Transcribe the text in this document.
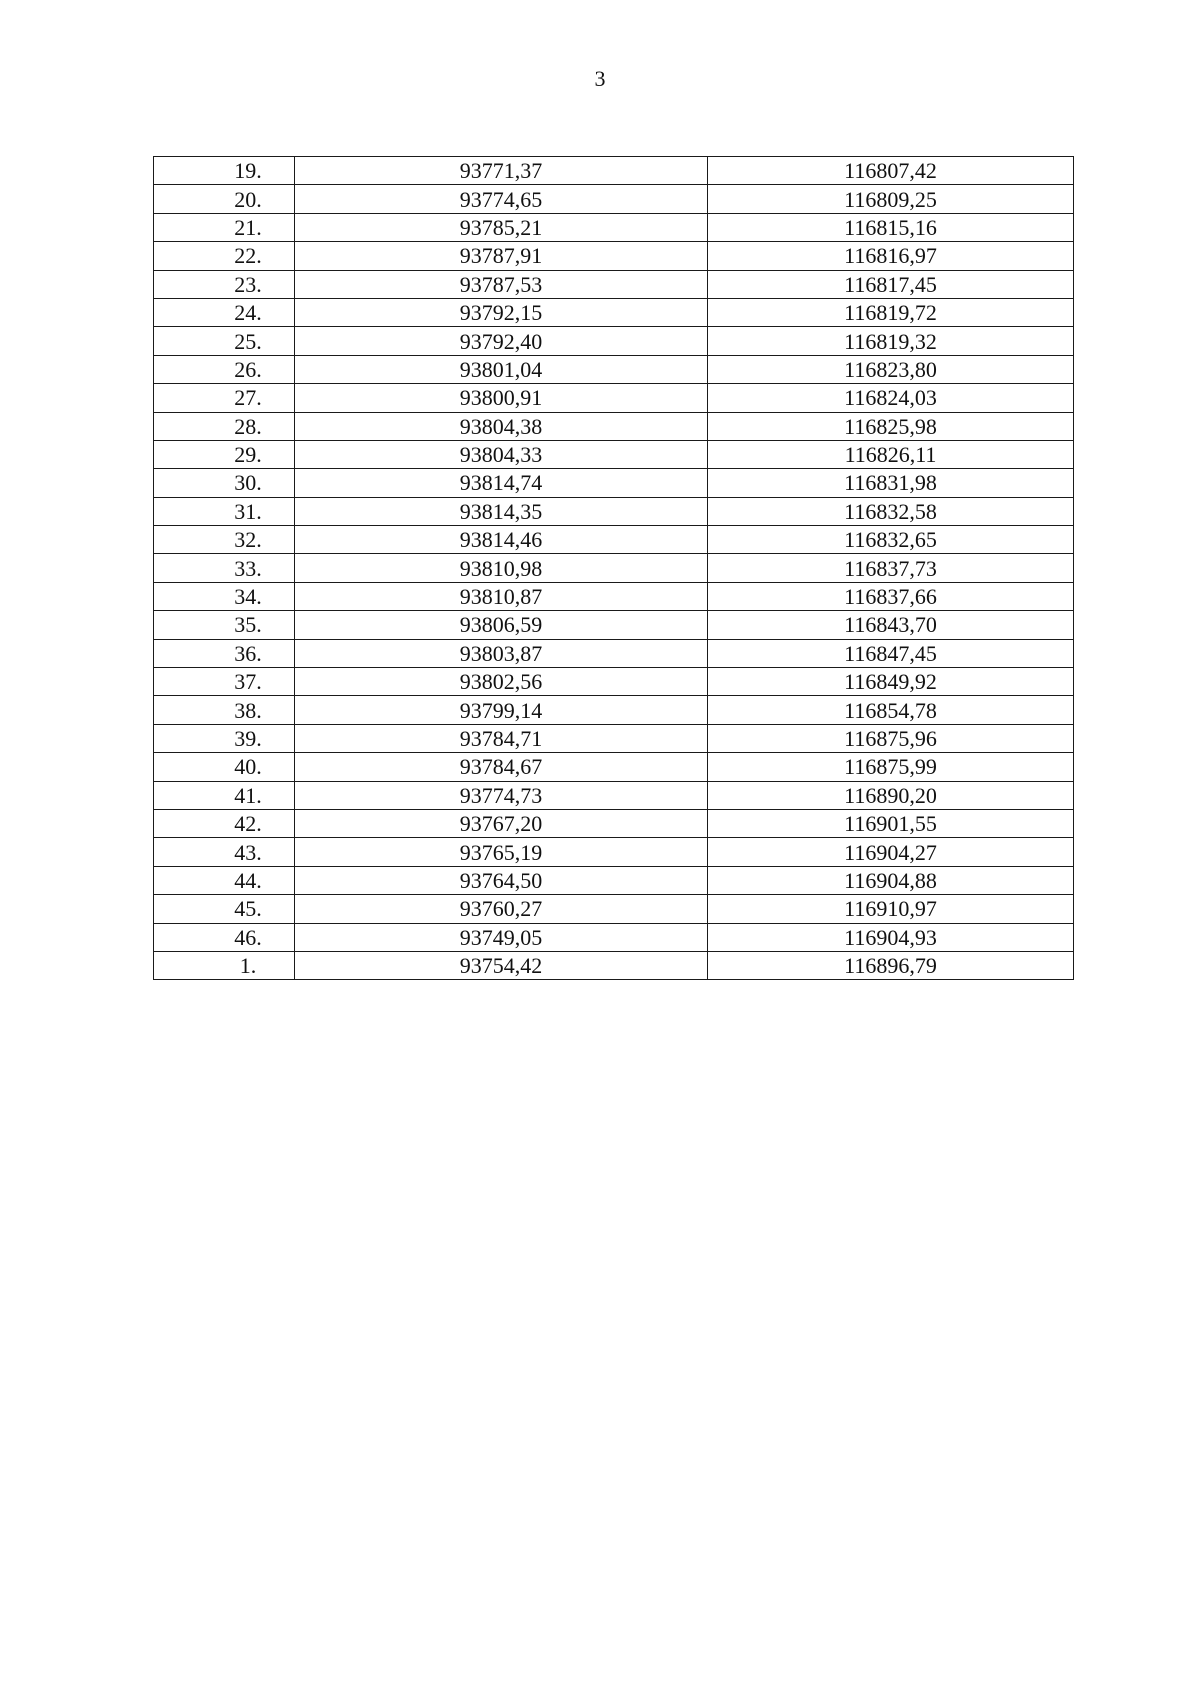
3
19.	93771,37	116807,42
20.	93774,65	116809,25
21.	93785,21	116815,16
22.	93787,91	116816,97
23.	93787,53	116817,45
24.	93792,15	116819,72
25.	93792,40	116819,32
26.	93801,04	116823,80
27.	93800,91	116824,03
28.	93804,38	116825,98
29.	93804,33	116826,11
30.	93814,74	116831,98
31.	93814,35	116832,58
32.	93814,46	116832,65
33.	93810,98	116837,73
34.	93810,87	116837,66
35.	93806,59	116843,70
36.	93803,87	116847,45
37.	93802,56	116849,92
38.	93799,14	116854,78
39.	93784,71	116875,96
40.	93784,67	116875,99
41.	93774,73	116890,20
42.	93767,20	116901,55
43.	93765,19	116904,27
44.	93764,50	116904,88
45.	93760,27	116910,97
46.	93749,05	116904,93
1.	93754,42	116896,79
